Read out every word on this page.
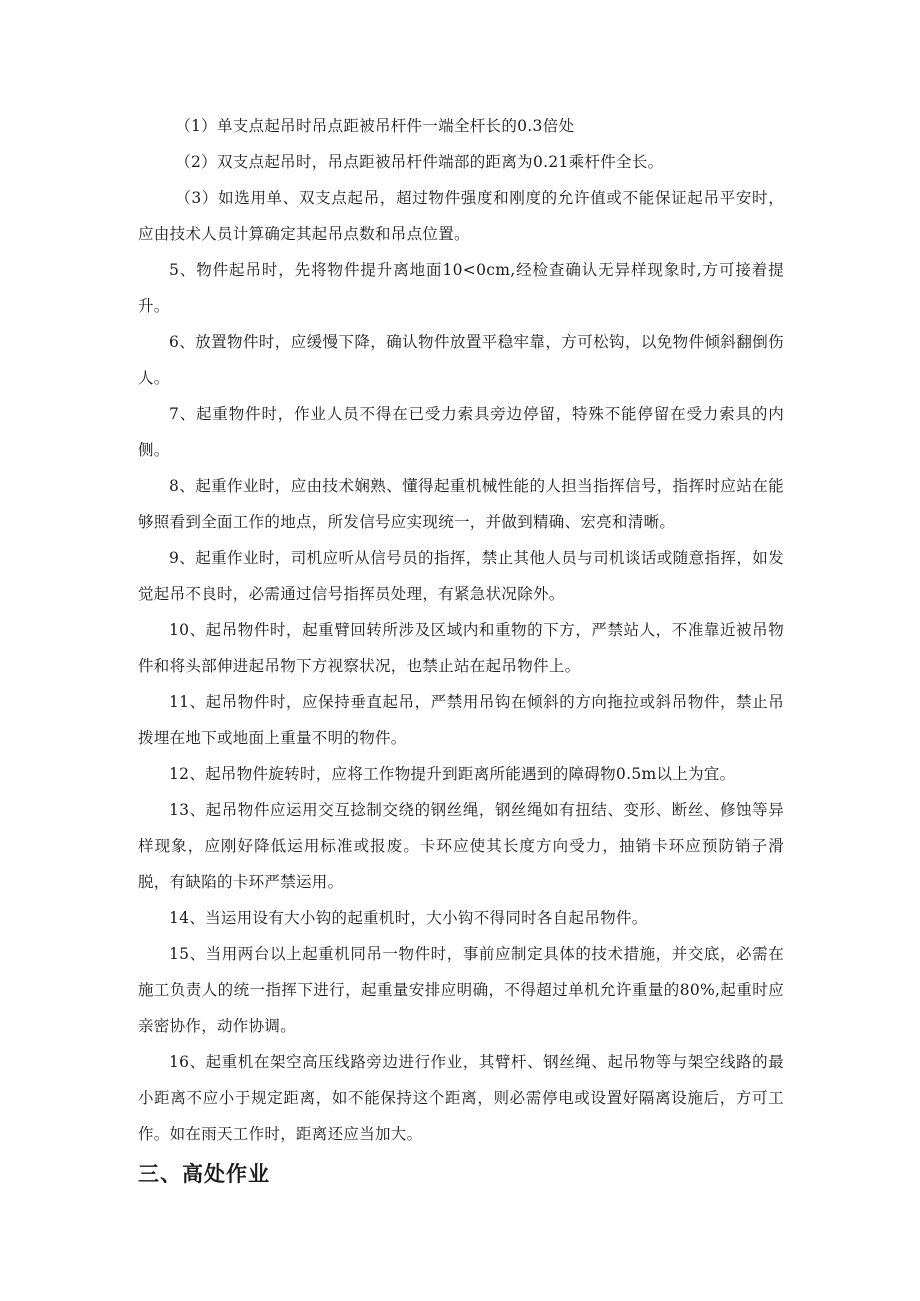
（1）单支点起吊时吊点距被吊杆件一端全杆长的0.3倍处

（2）双支点起吊时，吊点距被吊杆件端部的距离为0.21乘杆件全长。

（3）如选用单、双支点起吊，超过物件强度和刚度的允许值或不能保证起吊平安时，应由技术人员计算确定其起吊点数和吊点位置。

5、物件起吊时，先将物件提升离地面10<0cm,经检查确认无异样现象时,方可接着提升。

6、放置物件时，应缓慢下降，确认物件放置平稳牢靠，方可松钩，以免物件倾斜翻倒伤人。

7、起重物件时，作业人员不得在已受力索具旁边停留，特殊不能停留在受力索具的内侧。

8、起重作业时，应由技术娴熟、懂得起重机械性能的人担当指挥信号，指挥时应站在能够照看到全面工作的地点，所发信号应实现统一，并做到精确、宏亮和清晰。

9、起重作业时，司机应听从信号员的指挥，禁止其他人员与司机谈话或随意指挥，如发觉起吊不良时，必需通过信号指挥员处理，有紧急状况除外。

10、起吊物件时，起重臂回转所涉及区域内和重物的下方，严禁站人，不准靠近被吊物件和将头部伸进起吊物下方视察状况，也禁止站在起吊物件上。

11、起吊物件时，应保持垂直起吊，严禁用吊钩在倾斜的方向拖拉或斜吊物件，禁止吊拨埋在地下或地面上重量不明的物件。

12、起吊物件旋转时，应将工作物提升到距离所能遇到的障碍物0.5m以上为宜。

13、起吊物件应运用交互捻制交绕的钢丝绳，钢丝绳如有扭结、变形、断丝、修蚀等异样现象，应刚好降低运用标准或报废。卡环应使其长度方向受力，抽销卡环应预防销子滑脱，有缺陷的卡环严禁运用。

14、当运用设有大小钩的起重机时，大小钩不得同时各自起吊物件。

15、当用两台以上起重机同吊一物件时，事前应制定具体的技术措施，并交底，必需在施工负责人的统一指挥下进行，起重量安排应明确，不得超过单机允许重量的80%,起重时应亲密协作，动作协调。

16、起重机在架空高压线路旁边进行作业，其臂杆、钢丝绳、起吊物等与架空线路的最小距离不应小于规定距离，如不能保持这个距离，则必需停电或设置好隔离设施后，方可工作。如在雨天工作时，距离还应当加大。

三、高处作业
